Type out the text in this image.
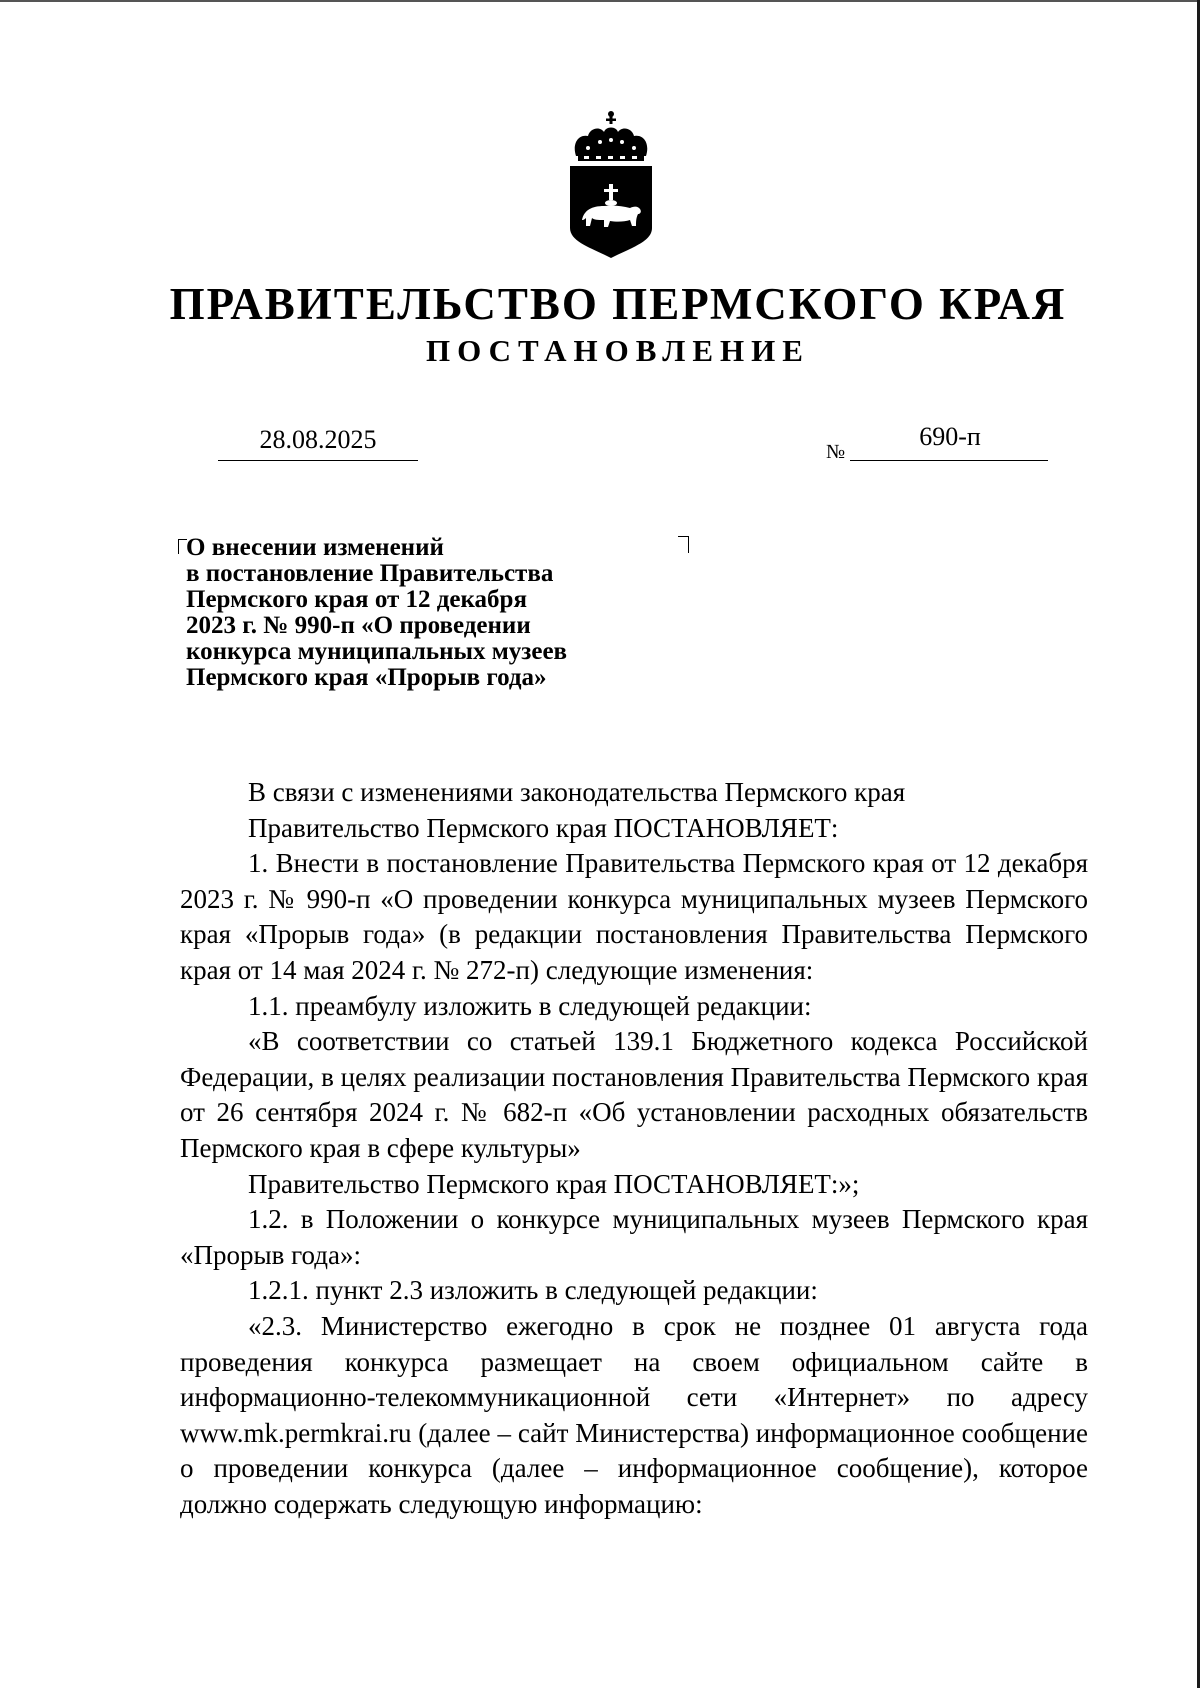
ПРАВИТЕЛЬСТВО ПЕРМСКОГО КРАЯ
ПОСТАНОВЛЕНИЕ
28.08.2025	№
690-п
О внесении изменений
в постановление Правительства
Пермского края от 12 декабря
2023 г. № 990-п «О проведении
конкурса муниципальных музеев
Пермского края «Прорыв года»

В связи с изменениями законодательства Пермского края

Правительство Пермского края ПОСТАНОВЛЯЕТ:

1. Внести в постановление Правительства Пермского края от 12 декабря 2023 г. № 990-п «О проведении конкурса муниципальных музеев Пермского края «Прорыв года» (в редакции постановления Правительства Пермского края от 14 мая 2024 г. № 272-п) следующие изменения:

1.1. преамбулу изложить в следующей редакции:

«В соответствии со статьей 139.1 Бюджетного кодекса Российской Федерации, в целях реализации постановления Правительства Пермского края от 26 сентября 2024 г. № 682-п «Об установлении расходных обязательств Пермского края в сфере культуры»

Правительство Пермского края ПОСТАНОВЛЯЕТ:»;

1.2. в Положении о конкурсе муниципальных музеев Пермского края «Прорыв года»:

1.2.1. пункт 2.3 изложить в следующей редакции:

«2.3. Министерство ежегодно в срок не позднее 01 августа года проведения конкурса размещает на своем официальном сайте в информационно-телекоммуникационной сети «Интернет» по адресу www.mk.permkrai.ru (далее – сайт Министерства) информационное сообщение о проведении конкурса (далее – информационное сообщение), которое должно содержать следующую информацию:
